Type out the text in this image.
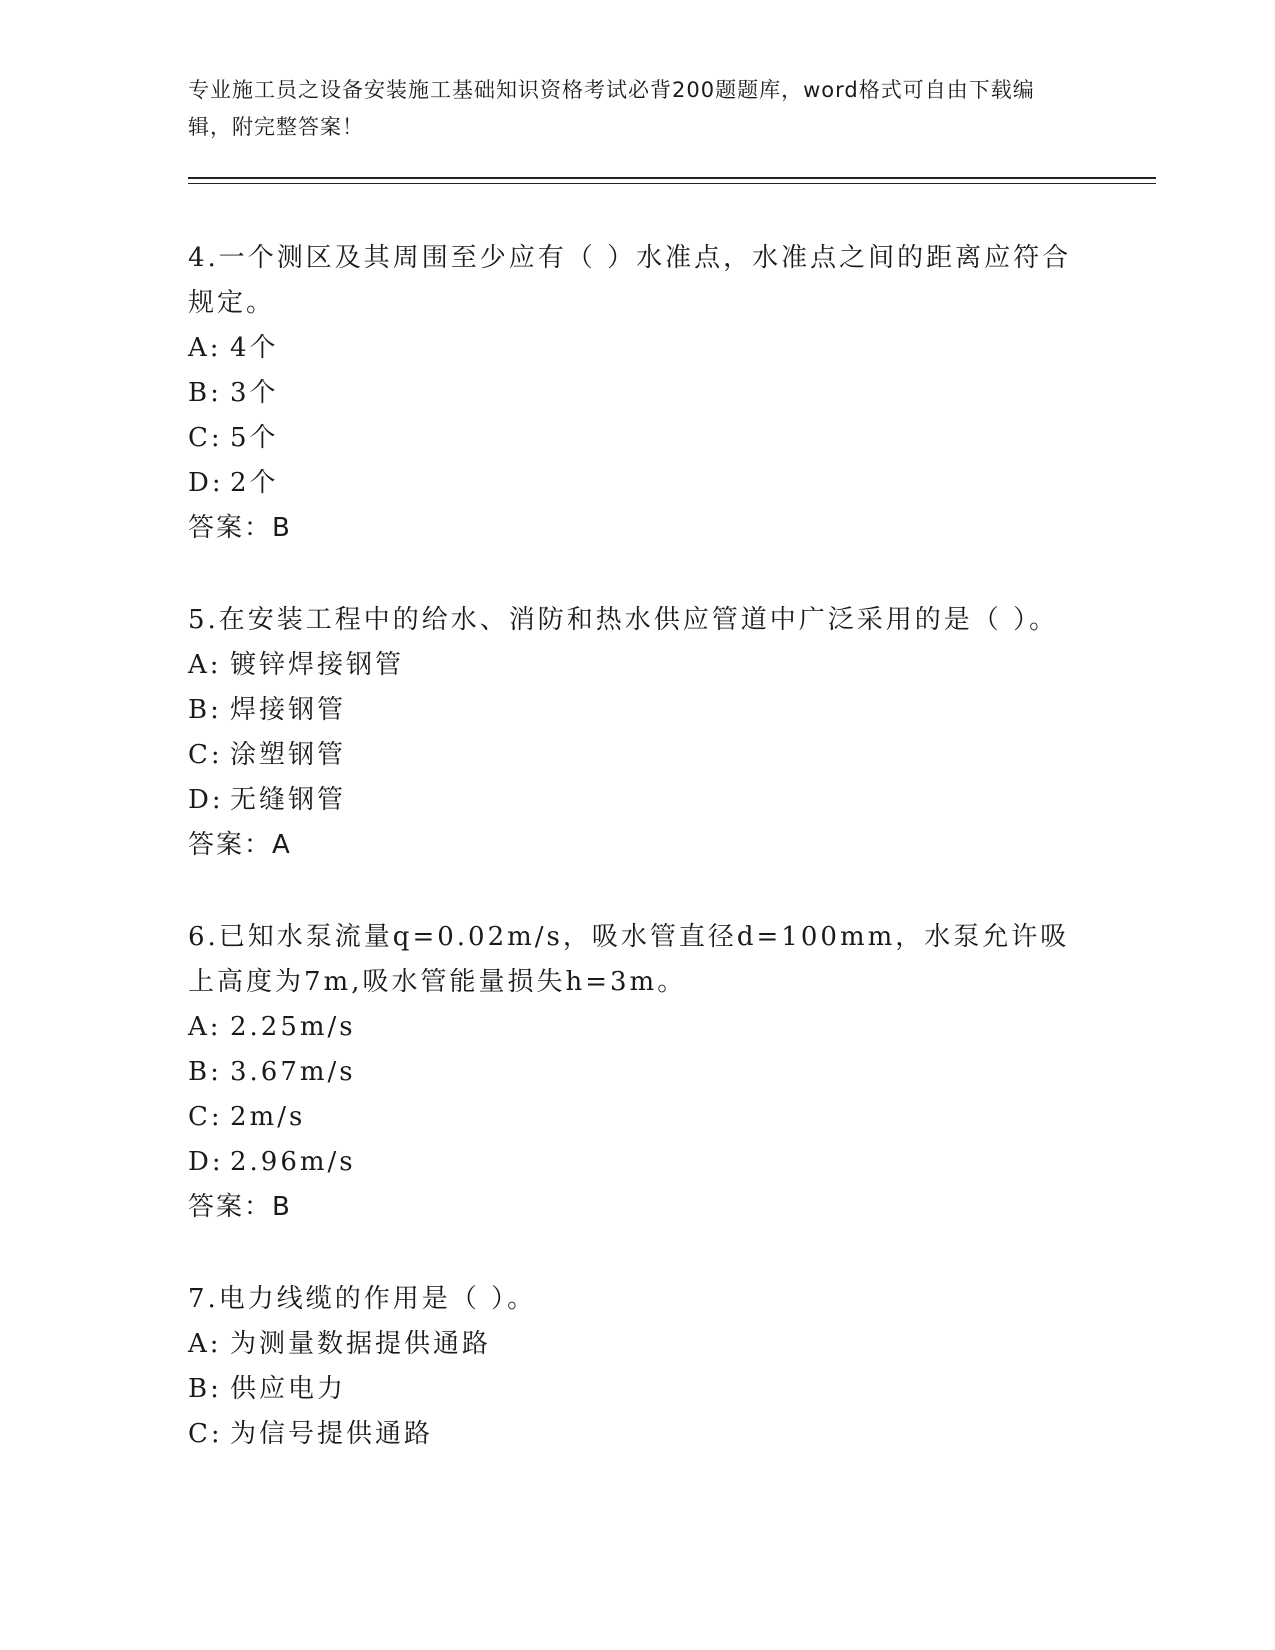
专业施工员之设备安装施工基础知识资格考试必背200题题库，word格式可自由下载编辑，附完整答案！

4.一个测区及其周围至少应有（ ）水准点，水准点之间的距离应符合规定。

A: 4个

B: 3个

C: 5个

D: 2个

答案：B

5.在安装工程中的给水、消防和热水供应管道中广泛采用的是（ ）。

A: 镀锌焊接钢管

B: 焊接钢管

C: 涂塑钢管

D: 无缝钢管

答案：A

6.已知水泵流量q=0.02m/s，吸水管直径d=100mm，水泵允许吸上高度为7m,吸水管能量损失h=3m。

A: 2.25m/s

B: 3.67m/s

C: 2m/s

D: 2.96m/s

答案：B

7.电力线缆的作用是（ ）。

A: 为测量数据提供通路

B: 供应电力

C: 为信号提供通路
